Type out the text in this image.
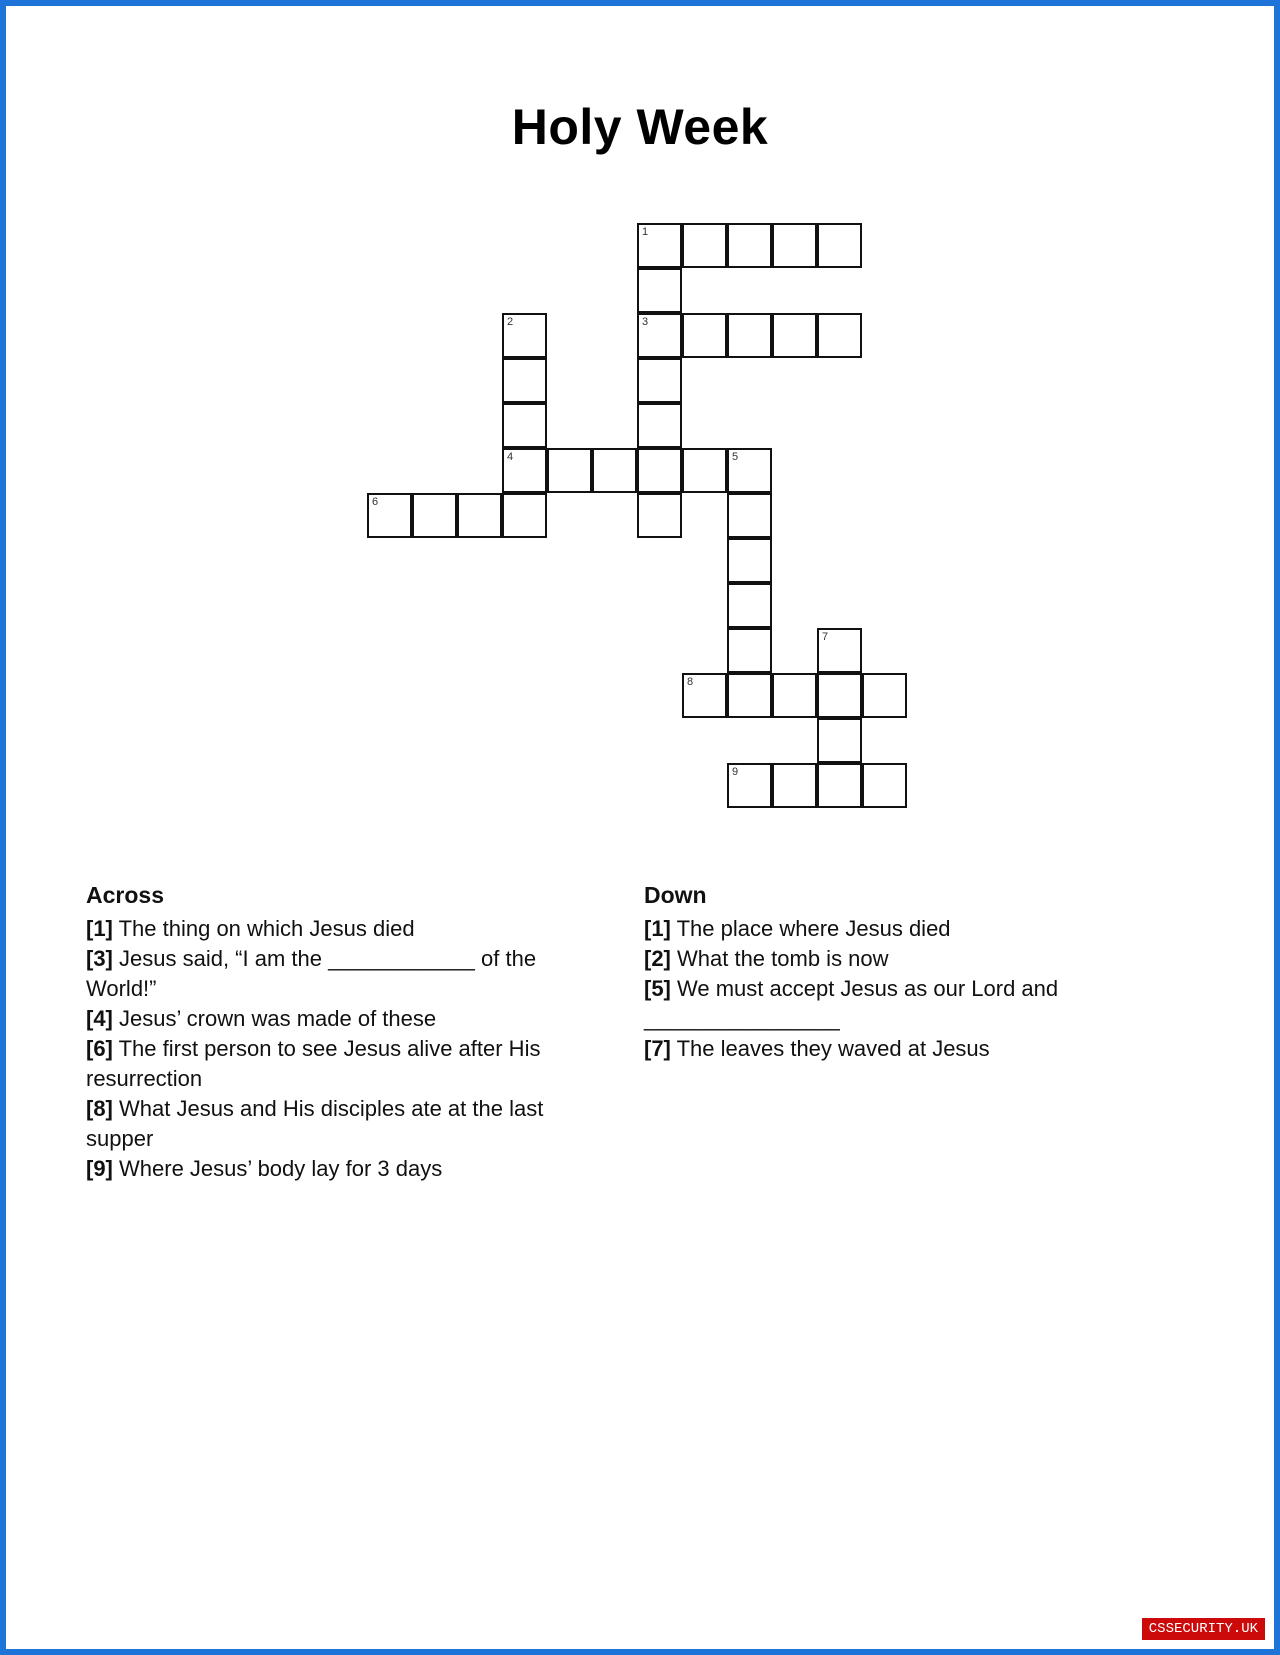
Holy Week
1
2	3
4	5
6
7
8
9
Across

[1] The thing on which Jesus died

[3] Jesus said, “I am the ____________ of the World!”

[4] Jesus’ crown was made of these

[6] The first person to see Jesus alive after His resurrection

[8] What Jesus and His disciples ate at the last supper

[9] Where Jesus’ body lay for 3 days

Down

[1] The place where Jesus died

[2] What the tomb is now

[5] We must accept Jesus as our Lord and ________________

[7] The leaves they waved at Jesus

CSSECURITY.UK
